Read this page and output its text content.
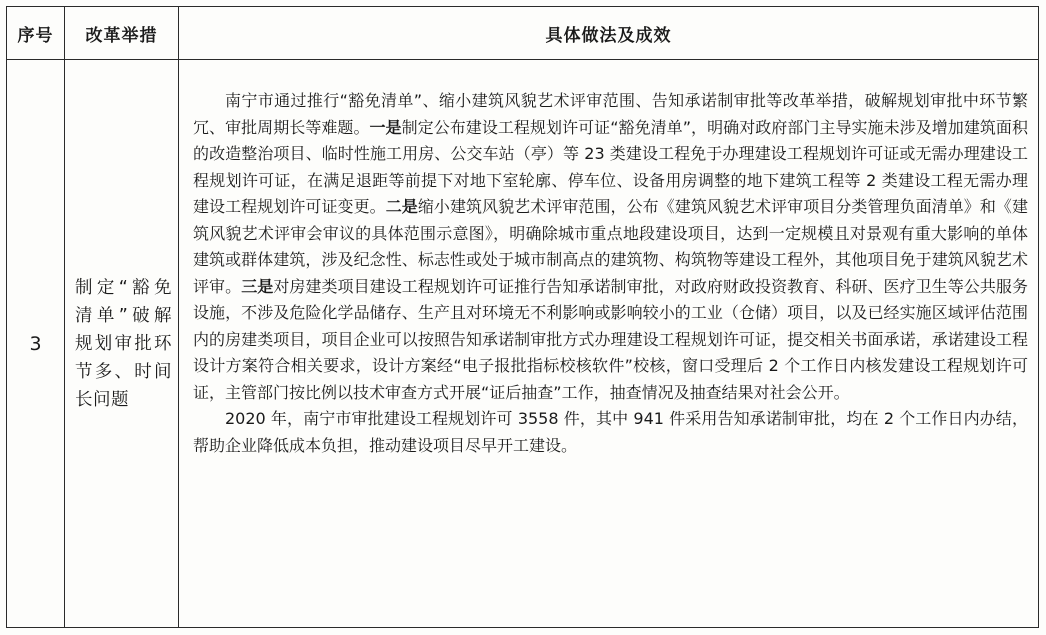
序号	改革举措	具体做法及成效
3	制定“豁免清单”破解规划审批环节多、时间长问题	南宁市通过推行“豁免清单”、缩小建筑风貌艺术评审范围、告知承诺制审批等改革举措，破解规划审批中环节繁冗、审批周期长等难题。一是制定公布建设工程规划许可证“豁免清单”，明确对政府部门主导实施未涉及增加建筑面积的改造整治项目、临时性施工用房、公交车站（亭）等 23 类建设工程免于办理建设工程规划许可证或无需办理建设工程规划许可证，在满足退距等前提下对地下室轮廓、停车位、设备用房调整的地下建筑工程等 2 类建设工程无需办理建设工程规划许可证变更。二是缩小建筑风貌艺术评审范围，公布《建筑风貌艺术评审项目分类管理负面清单》和《建筑风貌艺术评审会审议的具体范围示意图》，明确除城市重点地段建设项目，达到一定规模且对景观有重大影响的单体建筑或群体建筑，涉及纪念性、标志性或处于城市制高点的建筑物、构筑物等建设工程外，其他项目免于建筑风貌艺术评审。三是对房建类项目建设工程规划许可证推行告知承诺制审批，对政府财政投资教育、科研、医疗卫生等公共服务设施，不涉及危险化学品储存、生产且对环境无不利影响或影响较小的工业（仓储）项目，以及已经实施区域评估范围内的房建类项目，项目企业可以按照告知承诺制审批方式办理建设工程规划许可证，提交相关书面承诺，承诺建设工程设计方案符合相关要求，设计方案经“电子报批指标校核软件”校核，窗口受理后 2 个工作日内核发建设工程规划许可证，主管部门按比例以技术审查方式开展“证后抽查”工作，抽查情况及抽查结果对社会公开。

2020 年，南宁市审批建设工程规划许可 3558 件，其中 941 件采用告知承诺制审批，均在 2 个工作日内办结，帮助企业降低成本负担，推动建设项目尽早开工建设。
